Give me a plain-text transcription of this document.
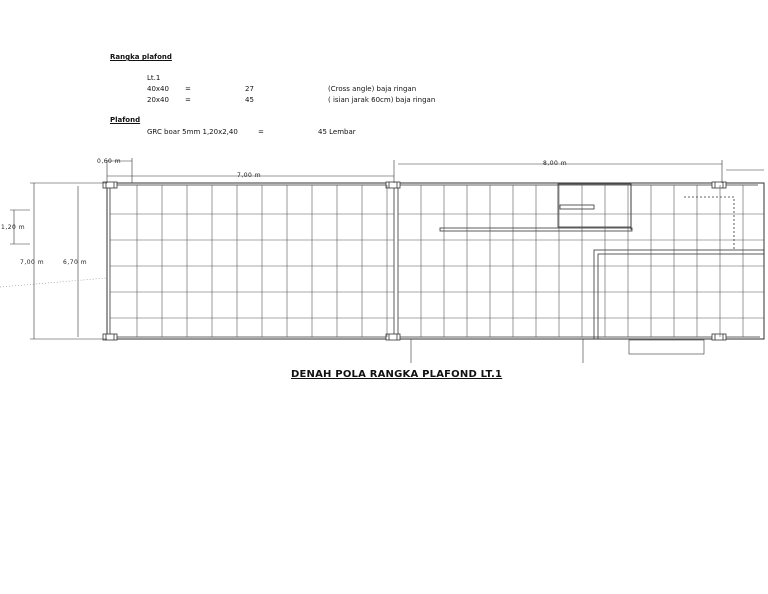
Rangka plafond
Lt.1
40x40 =	27	(Cross angle) baja ringan
20x40 =	45	( isian jarak 60cm) baja ringan
Plafond
GRC boar 5mm 1,20x2,40	=	45 Lembar
0,60 m
7,00 m
8,00 m
1,20 m
7,00 m	6,70 m
DENAH POLA RANGKA PLAFOND LT.1
